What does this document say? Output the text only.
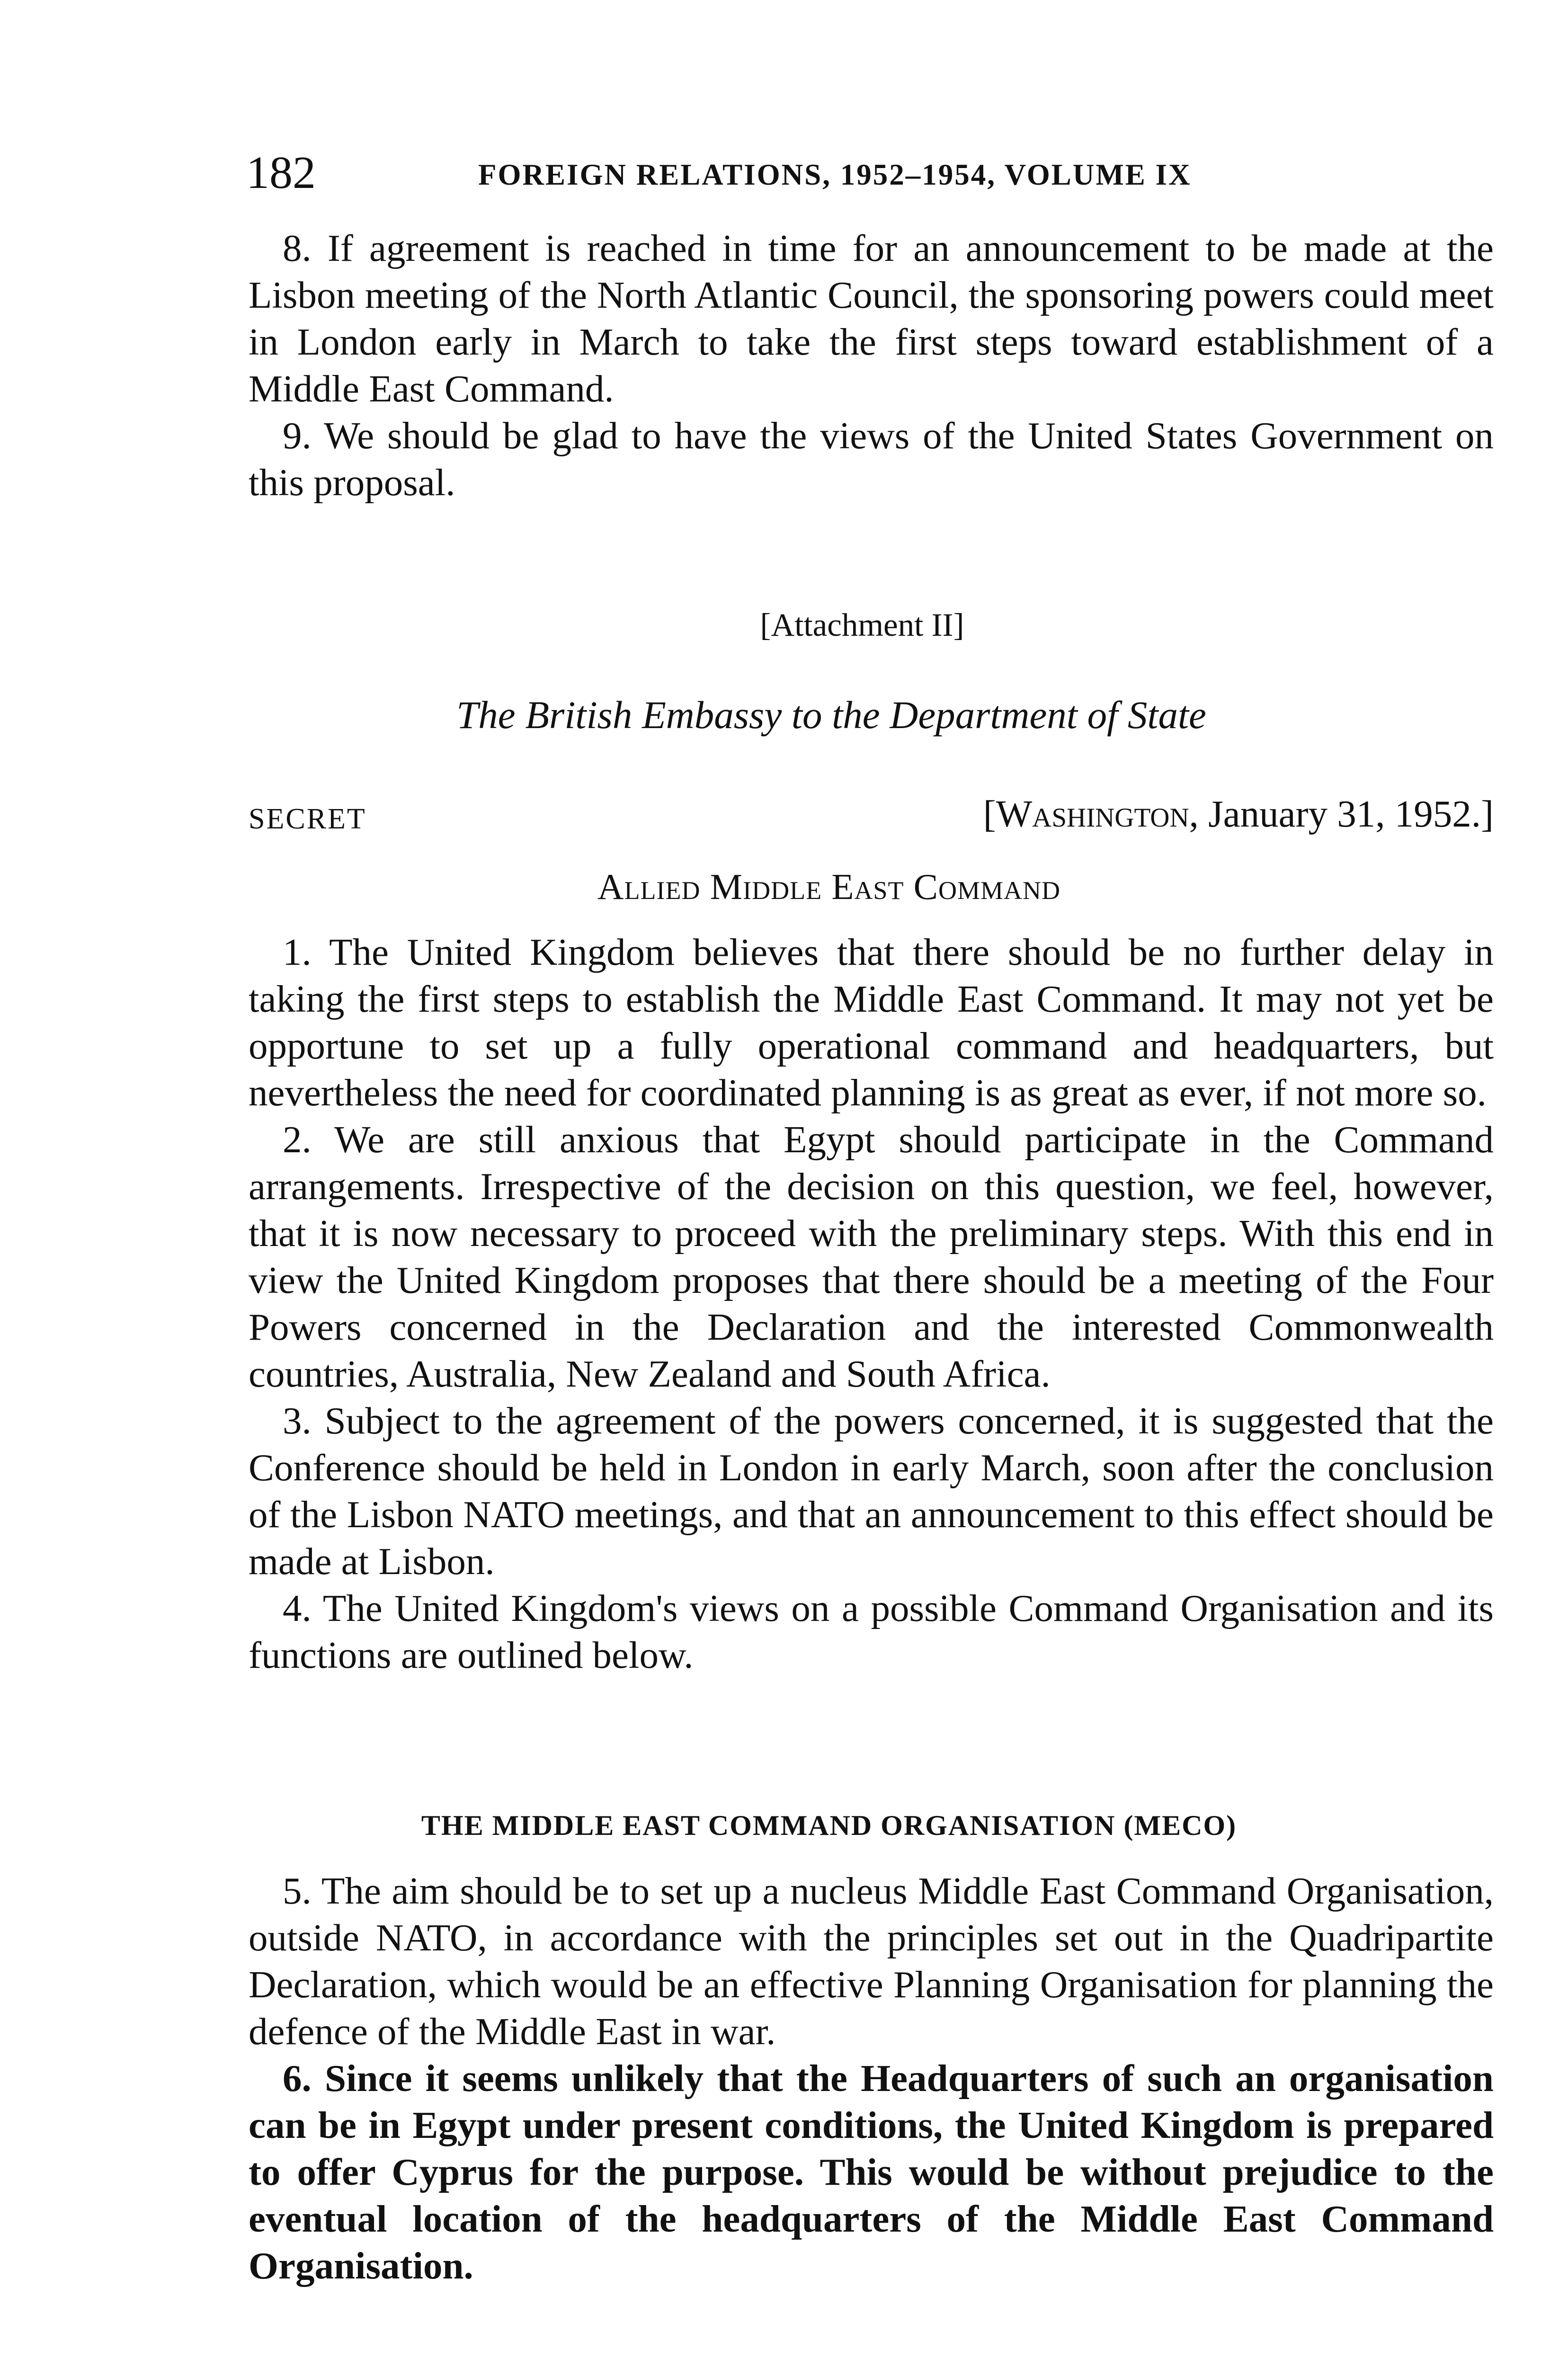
182	FOREIGN RELATIONS, 1952–1954, VOLUME IX

8. If agreement is reached in time for an announcement to be made at the Lisbon meeting of the North Atlantic Council, the sponsoring powers could meet in London early in March to take the first steps toward establishment of a Middle East Command.

9. We should be glad to have the views of the United States Government on this proposal.

[Attachment II]
The British Embassy to the Department of State
SECRET	[Washington, January 31, 1952.]
Allied Middle East Command

1. The United Kingdom believes that there should be no further delay in taking the first steps to establish the Middle East Command. It may not yet be opportune to set up a fully operational command and headquarters, but nevertheless the need for coordinated planning is as great as ever, if not more so.

2. We are still anxious that Egypt should participate in the Command arrangements. Irrespective of the decision on this question, we feel, however, that it is now necessary to proceed with the preliminary steps. With this end in view the United Kingdom proposes that there should be a meeting of the Four Powers concerned in the Declaration and the interested Commonwealth countries, Australia, New Zealand and South Africa.

3. Subject to the agreement of the powers concerned, it is suggested that the Conference should be held in London in early March, soon after the conclusion of the Lisbon NATO meetings, and that an announcement to this effect should be made at Lisbon.

4. The United Kingdom's views on a possible Command Organisation and its functions are outlined below.

THE MIDDLE EAST COMMAND ORGANISATION (MECO)

5. The aim should be to set up a nucleus Middle East Command Organisation, outside NATO, in accordance with the principles set out in the Quadripartite Declaration, which would be an effective Planning Organisation for planning the defence of the Middle East in war.

6. Since it seems unlikely that the Headquarters of such an organisation can be in Egypt under present conditions, the United Kingdom is prepared to offer Cyprus for the purpose. This would be without prejudice to the eventual location of the headquarters of the Middle East Command Organisation.
